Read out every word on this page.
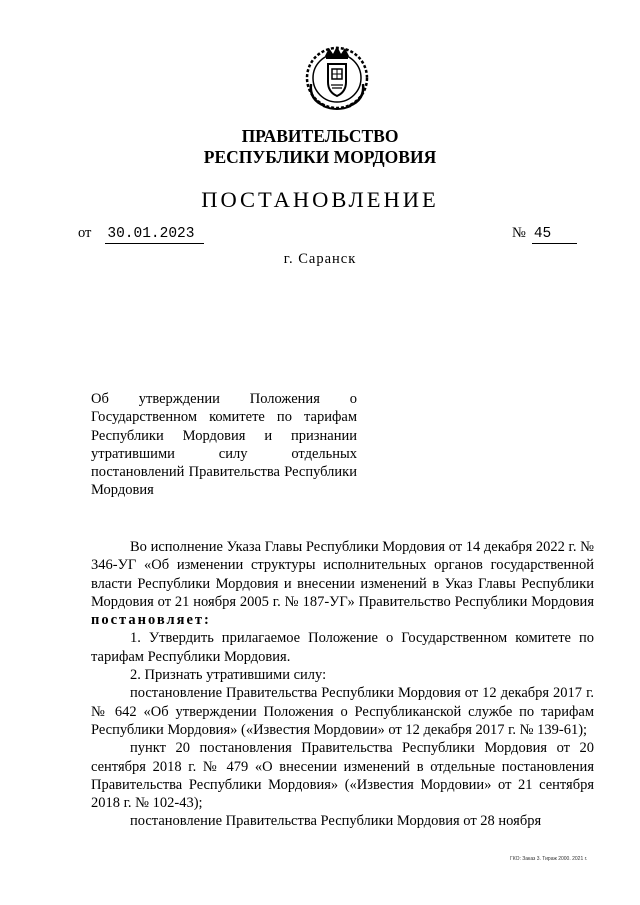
ПРАВИТЕЛЬСТВО
РЕСПУБЛИКИ МОРДОВИЯ
ПОСТАНОВЛЕНИЕ
от 30.01.2023	№ 45
г. Саранск
Об утверждении Положения о Государственном комитете по тарифам Республики Мордовия и признании утратившими силу отдельных постановлений Правительства Республики Мордовия

Во исполнение Указа Главы Республики Мордовия от 14 декабря 2022 г. № 346-УГ «Об изменении структуры исполнительных органов государственной власти Республики Мордовия и внесении изменений в Указ Главы Республики Мордовия от 21 ноября 2005 г. № 187-УГ» Правительство Республики Мордовия постановляет:

1. Утвердить прилагаемое Положение о Государственном комитете по тарифам Республики Мордовия.

2. Признать утратившими силу:

постановление Правительства Республики Мордовия от 12 декабря 2017 г. № 642 «Об утверждении Положения о Республиканской службе по тарифам Республики Мордовия» («Известия Мордовии» от 12 декабря 2017 г. № 139-61);

пункт 20 постановления Правительства Республики Мордовия от 20 сентября 2018 г. № 479 «О внесении изменений в отдельные постановления Правительства Республики Мордовия» («Известия Мордовии» от 21 сентября 2018 г. № 102-43);

постановление Правительства Республики Мордовия от 28 ноября

ГКО: Заказ 3. Тираж 2000. 2021 г.
